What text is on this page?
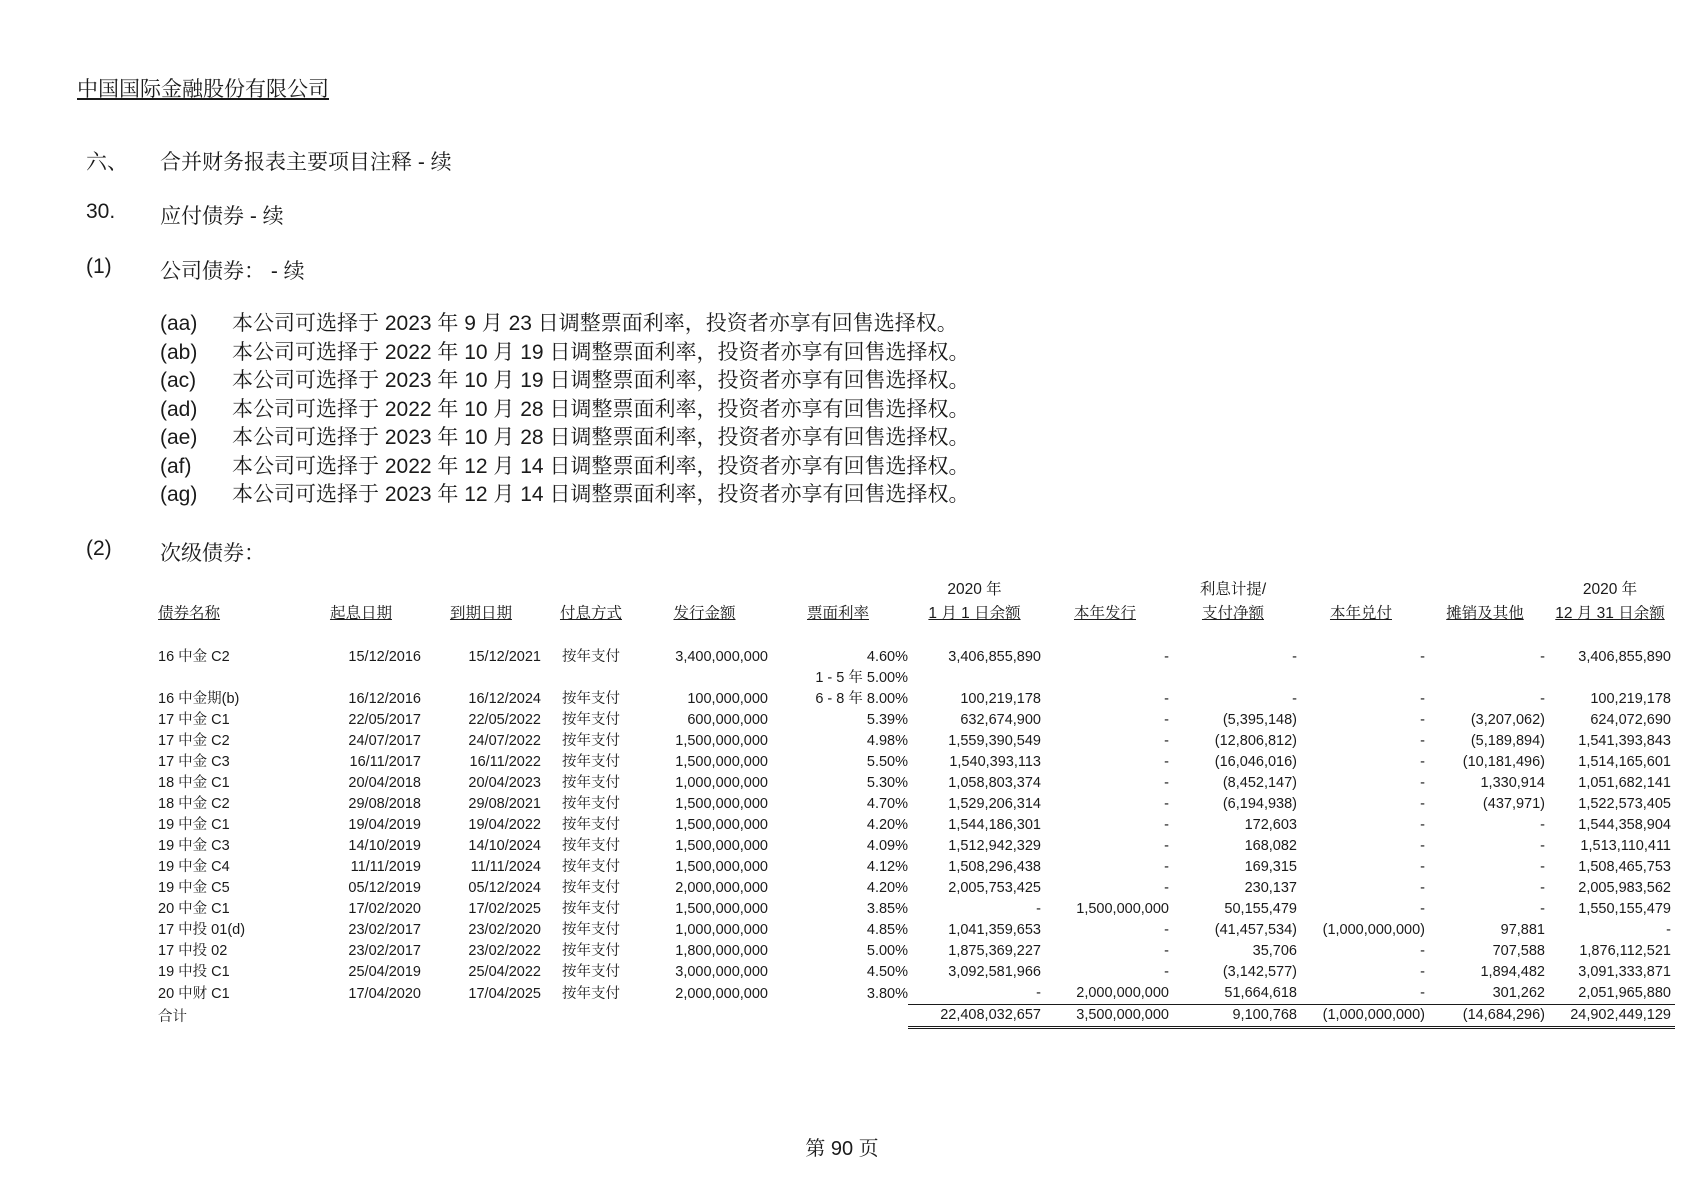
中国国际金融股份有限公司
六、 合并财务报表主要项目注释 - 续
30. 应付债券 - 续
(1) 公司债券： - 续
(aa) 本公司可选择于 2023 年 9 月 23 日调整票面利率，投资者亦享有回售选择权。
(ab) 本公司可选择于 2022 年 10 月 19 日调整票面利率，投资者亦享有回售选择权。
(ac) 本公司可选择于 2023 年 10 月 19 日调整票面利率，投资者亦享有回售选择权。
(ad) 本公司可选择于 2022 年 10 月 28 日调整票面利率，投资者亦享有回售选择权。
(ae) 本公司可选择于 2023 年 10 月 28 日调整票面利率，投资者亦享有回售选择权。
(af) 本公司可选择于 2022 年 12 月 14 日调整票面利率，投资者亦享有回售选择权。
(ag) 本公司可选择于 2023 年 12 月 14 日调整票面利率，投资者亦享有回售选择权。
(2) 次级债券：
						2020 年		利息计提/			2020 年
债券名称	起息日期	到期日期	付息方式	发行金额	票面利率	1 月 1 日余额	本年发行	支付净额	本年兑付	摊销及其他	12 月 31 日余额

16 中金 C2	15/12/2016	15/12/2021	按年支付	3,400,000,000	4.60%	3,406,855,890	-	-	-	-	3,406,855,890
					1 - 5 年 5.00%						
16 中金期(b)	16/12/2016	16/12/2024	按年支付	100,000,000	6 - 8 年 8.00%	100,219,178	-	-	-	-	100,219,178
17 中金 C1	22/05/2017	22/05/2022	按年支付	600,000,000	5.39%	632,674,900	-	(5,395,148)	-	(3,207,062)	624,072,690
17 中金 C2	24/07/2017	24/07/2022	按年支付	1,500,000,000	4.98%	1,559,390,549	-	(12,806,812)	-	(5,189,894)	1,541,393,843
17 中金 C3	16/11/2017	16/11/2022	按年支付	1,500,000,000	5.50%	1,540,393,113	-	(16,046,016)	-	(10,181,496)	1,514,165,601
18 中金 C1	20/04/2018	20/04/2023	按年支付	1,000,000,000	5.30%	1,058,803,374	-	(8,452,147)	-	1,330,914	1,051,682,141
18 中金 C2	29/08/2018	29/08/2021	按年支付	1,500,000,000	4.70%	1,529,206,314	-	(6,194,938)	-	(437,971)	1,522,573,405
19 中金 C1	19/04/2019	19/04/2022	按年支付	1,500,000,000	4.20%	1,544,186,301	-	172,603	-	-	1,544,358,904
19 中金 C3	14/10/2019	14/10/2024	按年支付	1,500,000,000	4.09%	1,512,942,329	-	168,082	-	-	1,513,110,411
19 中金 C4	11/11/2019	11/11/2024	按年支付	1,500,000,000	4.12%	1,508,296,438	-	169,315	-	-	1,508,465,753
19 中金 C5	05/12/2019	05/12/2024	按年支付	2,000,000,000	4.20%	2,005,753,425	-	230,137	-	-	2,005,983,562
20 中金 C1	17/02/2020	17/02/2025	按年支付	1,500,000,000	3.85%	-	1,500,000,000	50,155,479	-	-	1,550,155,479
17 中投 01(d)	23/02/2017	23/02/2020	按年支付	1,000,000,000	4.85%	1,041,359,653	-	(41,457,534)	(1,000,000,000)	97,881	-
17 中投 02	23/02/2017	23/02/2022	按年支付	1,800,000,000	5.00%	1,875,369,227	-	35,706	-	707,588	1,876,112,521
19 中投 C1	25/04/2019	25/04/2022	按年支付	3,000,000,000	4.50%	3,092,581,966	-	(3,142,577)	-	1,894,482	3,091,333,871
20 中财 C1	17/04/2020	17/04/2025	按年支付	2,000,000,000	3.80%	-	2,000,000,000	51,664,618	-	301,262	2,051,965,880
合计						22,408,032,657	3,500,000,000	9,100,768	(1,000,000,000)	(14,684,296)	24,902,449,129
第 90 页
